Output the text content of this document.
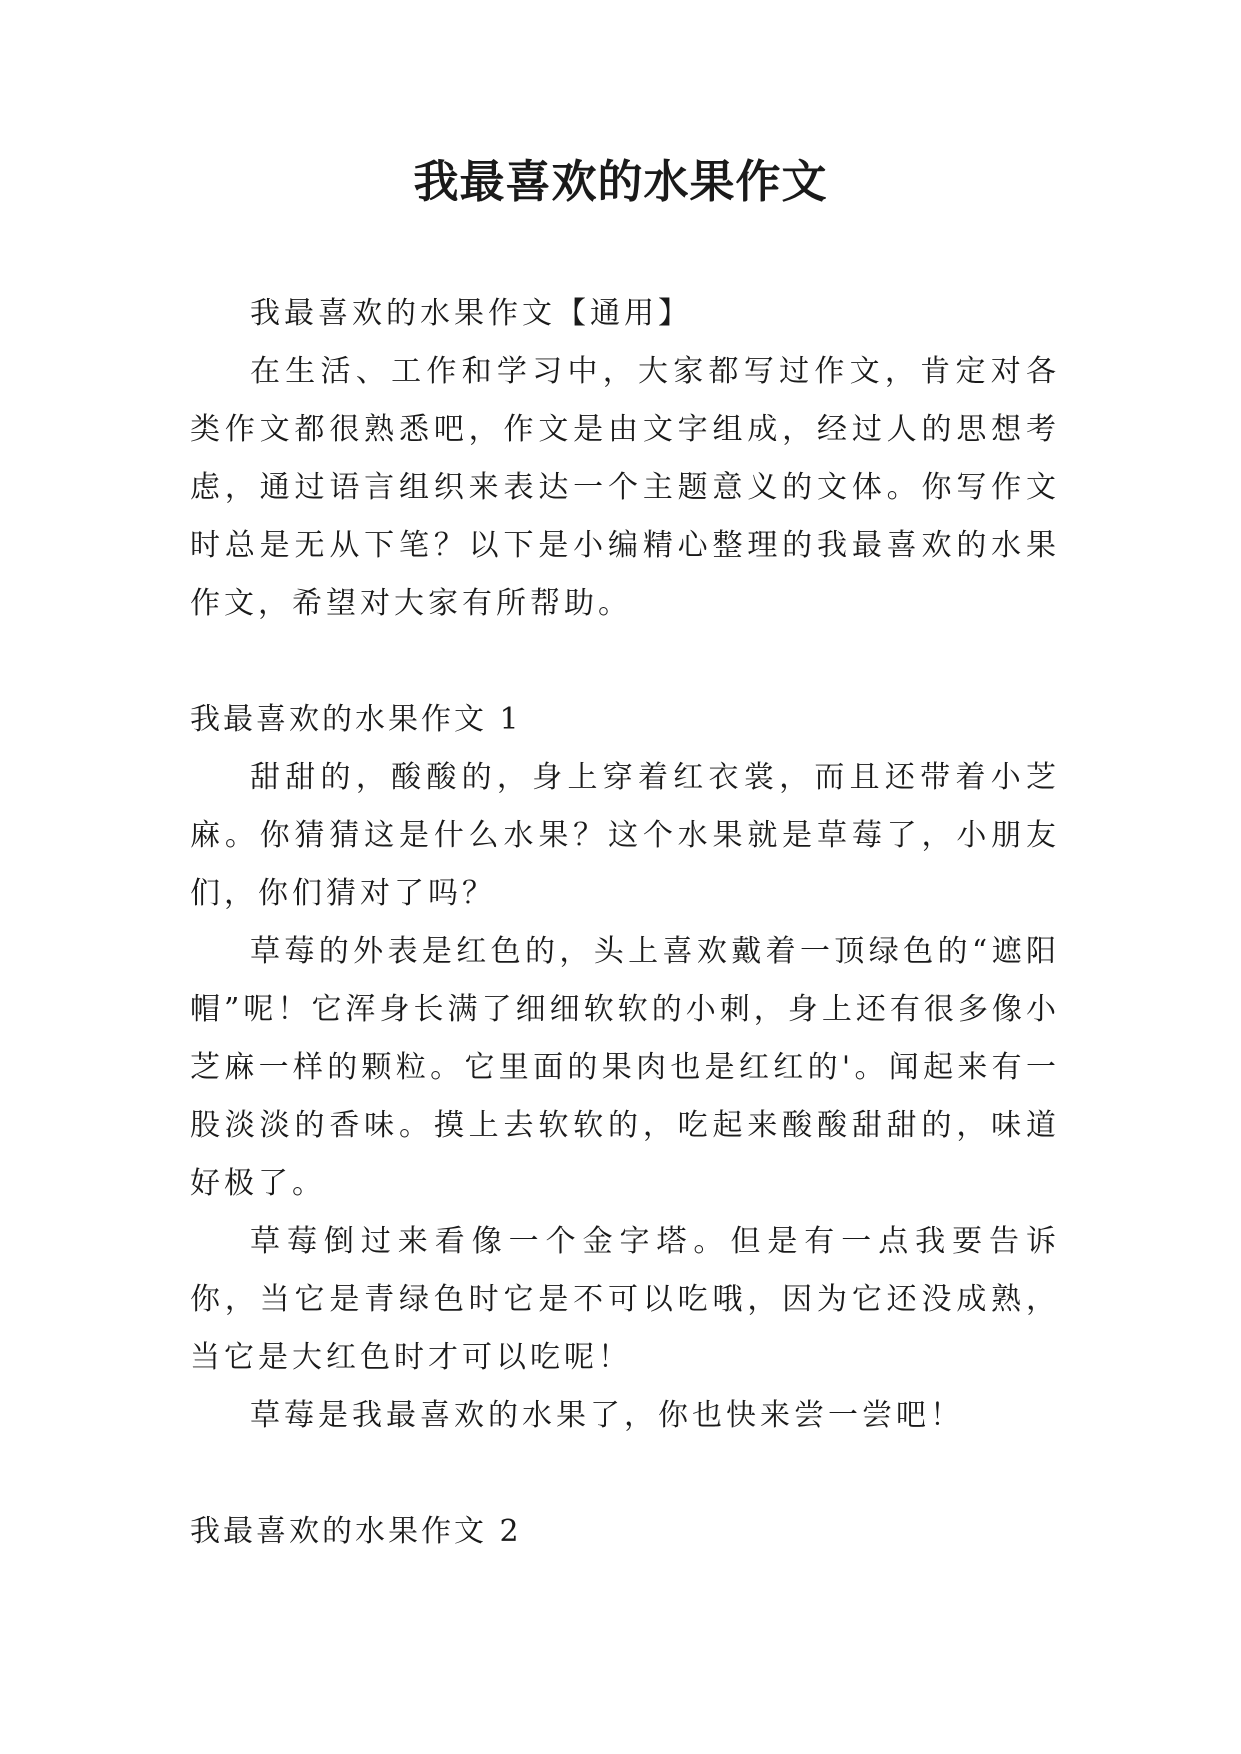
我最喜欢的水果作文

我最喜欢的水果作文【通用】

在生活、工作和学习中，大家都写过作文，肯定对各类作文都很熟悉吧，作文是由文字组成，经过人的思想考虑，通过语言组织来表达一个主题意义的文体。你写作文时总是无从下笔？以下是小编精心整理的我最喜欢的水果作文，希望对大家有所帮助。

我最喜欢的水果作文 1

甜甜的，酸酸的，身上穿着红衣裳，而且还带着小芝麻。你猜猜这是什么水果？这个水果就是草莓了，小朋友们，你们猜对了吗？

草莓的外表是红色的，头上喜欢戴着一顶绿色的“遮阳帽”呢！它浑身长满了细细软软的小刺，身上还有很多像小芝麻一样的颗粒。它里面的果肉也是红红的'。闻起来有一股淡淡的香味。摸上去软软的，吃起来酸酸甜甜的，味道好极了。

草莓倒过来看像一个金字塔。但是有一点我要告诉你，当它是青绿色时它是不可以吃哦，因为它还没成熟，当它是大红色时才可以吃呢！

草莓是我最喜欢的水果了，你也快来尝一尝吧！

我最喜欢的水果作文 2
